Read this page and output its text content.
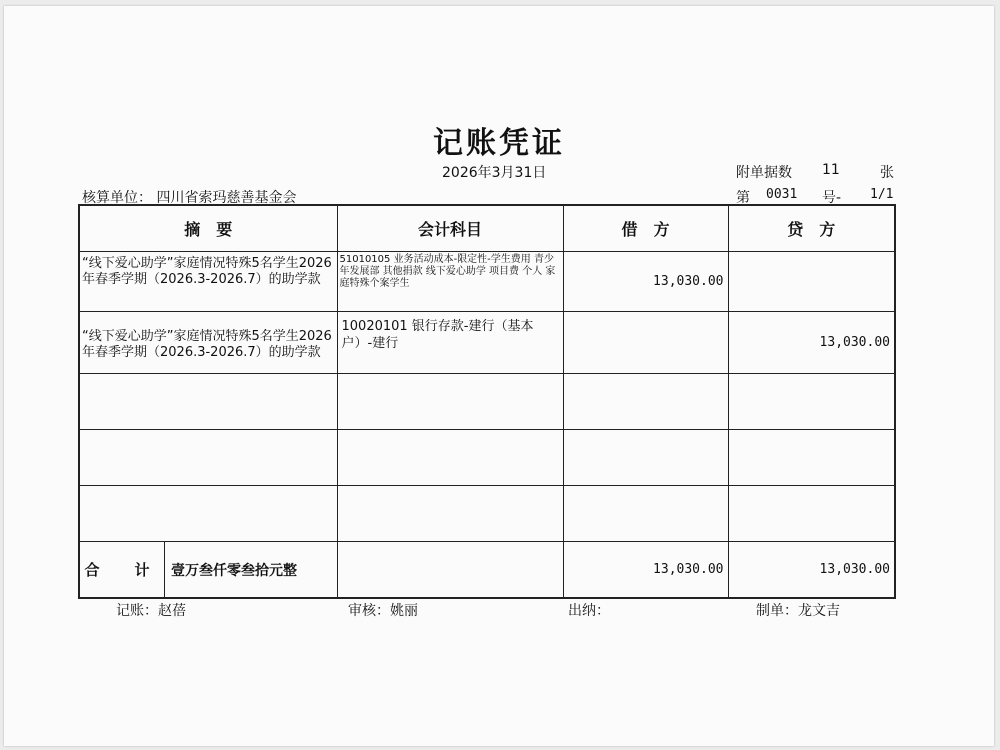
记账凭证
2026年3月31日	附单据数 11	张
核算单位： 四川省索玛慈善基金会	第 0031 号- 1/1
摘　要	会计科目	借　方	贷　方
“线下爱心助学”家庭情况特殊5名学生2026年春季学期（2026.3-2026.7）的助学款	51010105 业务活动成本-限定性-学生费用 青少年发展部 其他捐款 线下爱心助学 项目费 个人 家庭特殊个案学生	13,030.00	
“线下爱心助学”家庭情况特殊5名学生2026年春季学期（2026.3-2026.7）的助学款	10020101 银行存款-建行（基本户）-建行		13,030.00

合　计 壹万叁仟零叁拾元整		13,030.00	13,030.00
记账：赵蓓	审核：姚丽	出纳：	制单：龙文吉
